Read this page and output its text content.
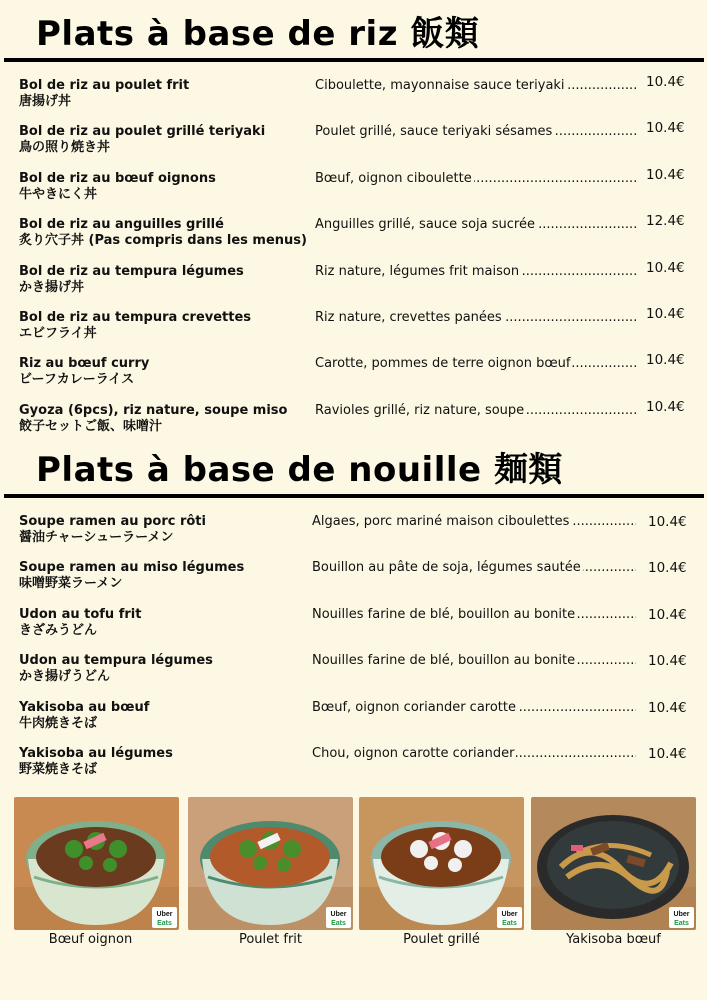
Plats à base de riz 飯類
Bol de riz au poulet frit
唐揚げ丼
Ciboulette, mayonnaise sauce teriyaki .....	10.4€
Bol de riz au poulet grillé teriyaki
鳥の照り焼き丼
Poulet grillé, sauce teriyaki sésames .....	10.4€
Bol de riz au bœuf oignons
牛やきにく丼
Bœuf, oignon ciboulette .....	10.4€
Bol de riz au anguilles grillé
炙り穴子丼 (Pas compris dans les menus)
Anguilles grillé, sauce soja sucrée .....	12.4€
Bol de riz au tempura légumes
かき揚げ丼
Riz nature, légumes frit maison .....	10.4€
Bol de riz au tempura crevettes
エビフライ丼
Riz nature, crevettes panées .....	10.4€
Riz au bœuf curry
ビーフカレーライス
Carotte, pommes de terre oignon bœuf .....	10.4€
Gyoza (6pcs), riz nature, soupe miso
餃子セットご飯、味噌汁
Ravioles grillé, riz nature, soupe .....	10.4€
Plats à base de nouille 麺類
Soupe ramen au porc rôti
醤油チャーシューラーメン
Algaes, porc mariné maison ciboulettes .....	10.4€
Soupe ramen au miso légumes
味噌野菜ラーメン
Bouillon au pâte de soja, légumes sautée .....	10.4€
Udon au tofu frit
きざみうどん
Nouilles farine de blé, bouillon au bonite .....	10.4€
Udon au tempura légumes
かき揚げうどん
Nouilles farine de blé, bouillon au bonite .....	10.4€
Yakisoba au bœuf
牛肉焼きそば
Bœuf, oignon coriander carotte .....	10.4€
Yakisoba au légumes
野菜焼きそば
Chou, oignon carotte coriander .....	10.4€
Uber
Eats
Bœuf oignon
Uber
Eats
Poulet frit
Uber
Eats
Poulet grillé
Uber
Eats
Yakisoba bœuf
